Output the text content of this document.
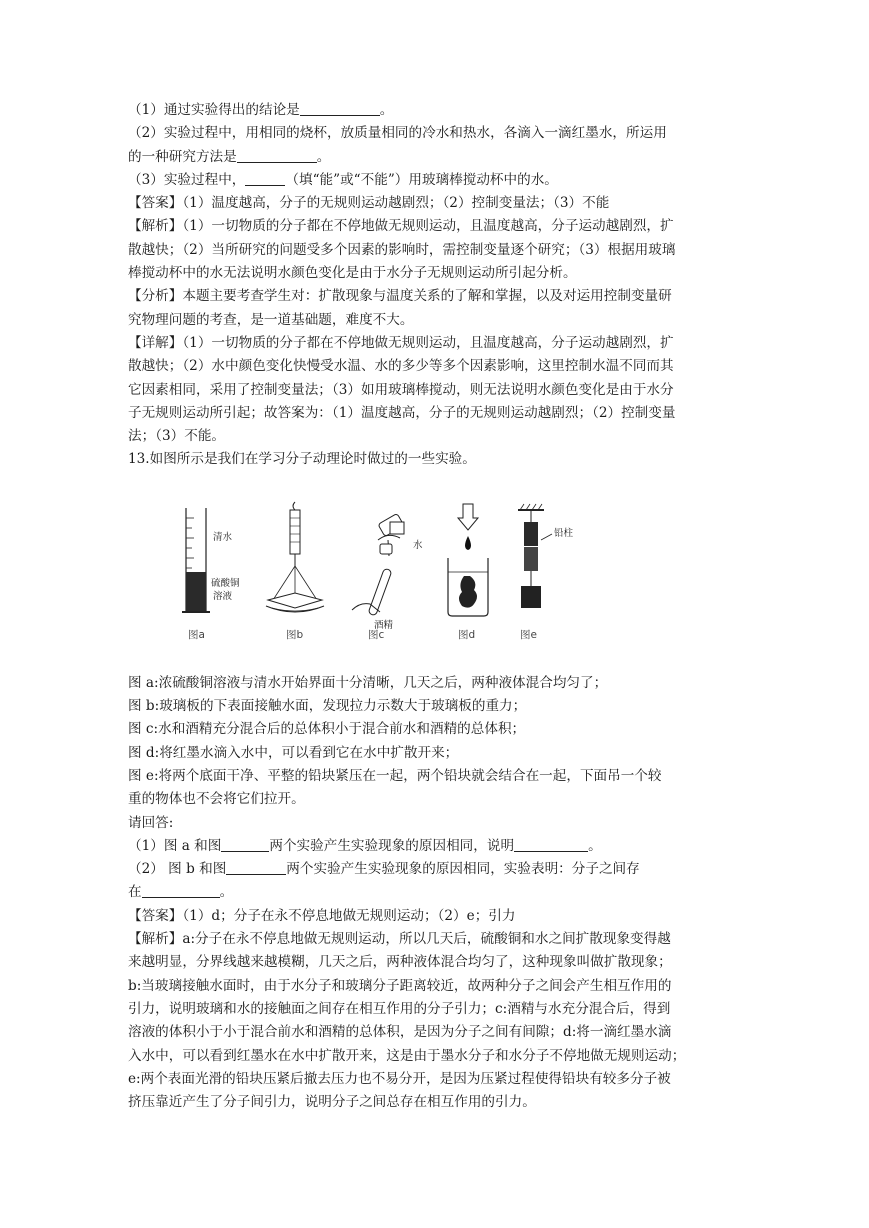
（1）通过实验得出的结论是	。
（2）实验过程中，用相同的烧杯，放质量相同的冷水和热水，各滴入一滴红墨水，所运用
的一种研究方法是	。
（3）实验过程中，	（填“能”或“不能”）用玻璃棒搅动杯中的水。
【答案】（1）温度越高，分子的无规则运动越剧烈；（2）控制变量法；（3）不能
【解析】（1）一切物质的分子都在不停地做无规则运动，且温度越高，分子运动越剧烈，扩
散越快；（2）当所研究的问题受多个因素的影响时，需控制变量逐个研究；（3）根据用玻璃
棒搅动杯中的水无法说明水颜色变化是由于水分子无规则运动所引起分析。
【分析】本题主要考查学生对：扩散现象与温度关系的了解和掌握，以及对运用控制变量研
究物理问题的考查，是一道基础题，难度不大。
【详解】（1）一切物质的分子都在不停地做无规则运动，且温度越高，分子运动越剧烈，扩
散越快；（2）水中颜色变化快慢受水温、水的多少等多个因素影响，这里控制水温不同而其
它因素相同，采用了控制变量法；（3）如用玻璃棒搅动，则无法说明水颜色变化是由于水分
子无规则运动所引起；故答案为：（1）温度越高，分子的无规则运动越剧烈；（2）控制变量
法；（3）不能。
13.如图所示是我们在学习分子动理论时做过的一些实验。
图 a:浓硫酸铜溶液与清水开始界面十分清晰，几天之后，两种液体混合均匀了；
图 b:玻璃板的下表面接触水面，发现拉力示数大于玻璃板的重力；
图 c:水和酒精充分混合后的总体积小于混合前水和酒精的总体积；
图 d:将红墨水滴入水中，可以看到它在水中扩散开来；
图 e:将两个底面干净、平整的铅块紧压在一起，两个铅块就会结合在一起，下面吊一个较
重的物体也不会将它们拉开。
请回答:
（1）图 a 和图	两个实验产生实验现象的原因相同，说明	。
（2） 图 b 和图	两个实验产生实验现象的原因相同，实验表明：分子之间存
在	。
【答案】（1）d；分子在永不停息地做无规则运动；（2）e；引力
【解析】a:分子在永不停息地做无规则运动，所以几天后，硫酸铜和水之间扩散现象变得越
来越明显，分界线越来越模糊，几天之后，两种液体混合均匀了，这种现象叫做扩散现象；
b:当玻璃接触水面时，由于水分子和玻璃分子距离较近，故两种分子之间会产生相互作用的
引力，说明玻璃和水的接触面之间存在相互作用的分子引力；c:酒精与水充分混合后，得到
溶液的体积小于小于混合前水和酒精的总体积，是因为分子之间有间隙；d:将一滴红墨水滴
入水中，可以看到红墨水在水中扩散开来，这是由于墨水分子和水分子不停地做无规则运动；
e:两个表面光滑的铅块压紧后撤去压力也不易分开，是因为压紧过程使得铅块有较多分子被
挤压靠近产生了分子间引力，说明分子之间总存在相互作用的引力。
清水
硫酸铜
溶液
图a	图b
水
酒精
图c	图d
铅柱
图e
